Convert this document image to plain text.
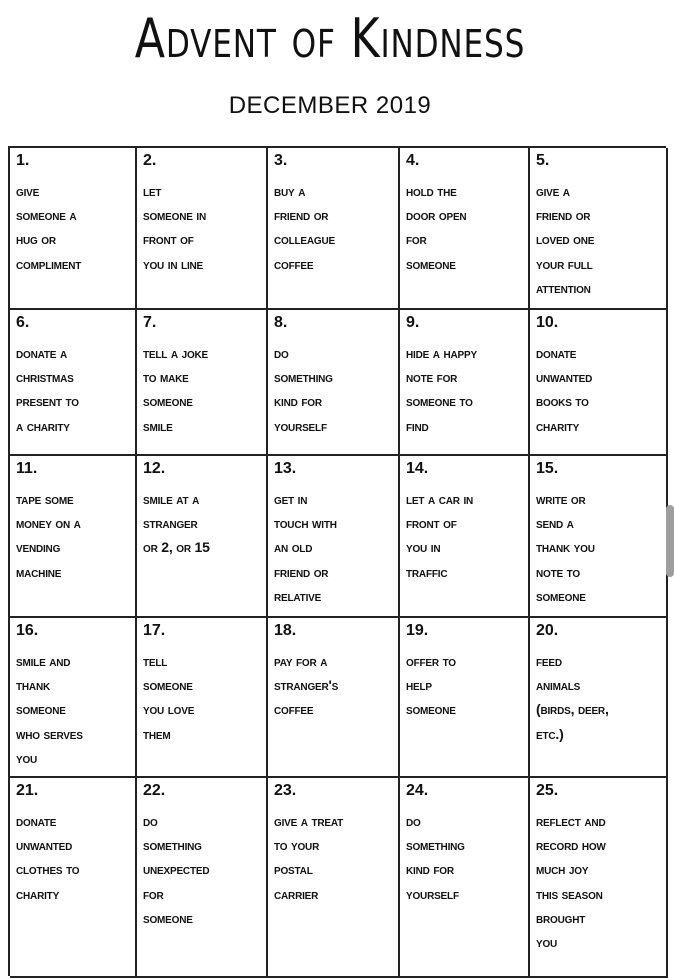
Advent of Kindness
DECEMBER 2019
1.
give
someone a
hug or
compliment
2.
let
someone in
front of
you in line
3.
buy a
friend or
colleague
coffee
4.
hold the
door open
for
someone
5.
give a
friend or
loved one
your full
attention
6.
donate a
christmas
present to
a charity
7.
tell a joke
to make
someone
smile
8.
do
something
kind for
yourself
9.
hide a happy
note for
someone to
find
10.
donate
unwanted
books to
charity
11.
tape some
money on a
vending
machine
12.
smile at a
stranger
or 2, or 15
13.
get in
touch with
an old
friend or
relative
14.
let a car in
front of
you in
traffic
15.
write or
send a
thank you
note to
someone
16.
smile and
thank
someone
who serves
you
17.
tell
someone
you love
them
18.
pay for a
stranger's
coffee
19.
offer to
help
someone
20.
feed
animals
(birds, deer,
etc.)
21.
donate
unwanted
clothes to
charity
22.
do
something
unexpected
for
someone
23.
give a treat
to your
postal
carrier
24.
do
something
kind for
yourself
25.
reflect and
record how
much joy
this season
brought
you
